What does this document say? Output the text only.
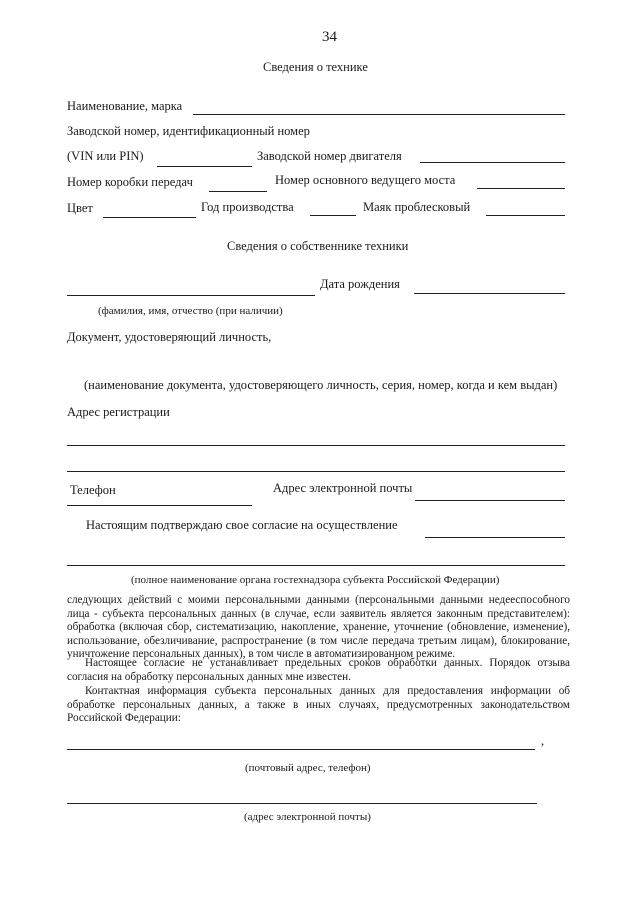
34
Сведения о технике
Наименование, марка
Заводской номер, идентификационный номер
(VIN или PIN)	Заводской номер двигателя
Номер коробки передач	Номер основного ведущего моста
Цвет	Год производства	Маяк проблесковый
Сведения о собственнике техники
Дата рождения
(фамилия, имя, отчество (при наличии)
Документ, удостоверяющий личность,
(наименование документа, удостоверяющего личность, серия, номер, когда и кем выдан)
Адрес регистрации
Телефон	Адрес электронной почты
Настоящим подтверждаю свое согласие на осуществление
(полное наименование органа гостехнадзора субъекта Российской Федерации)
следующих действий с моими персональными данными (персональными данными недееспособного лица - субъекта персональных данных (в случае, если заявитель является законным представителем): обработка (включая сбор, систематизацию, накопление, хранение, уточнение (обновление, изменение), использование, обезличивание, распространение (в том числе передача третьим лицам), блокирование, уничтожение персональных данных), в том числе в автоматизированном режиме.
Настоящее согласие не устанавливает предельных сроков обработки данных. Порядок отзыва согласия на обработку персональных данных мне известен.
Контактная информация субъекта персональных данных для предоставления информации об обработке персональных данных, а также в иных случаях, предусмотренных законодательством Российской Федерации:
,
(почтовый адрес, телефон)
(адрес электронной почты)
